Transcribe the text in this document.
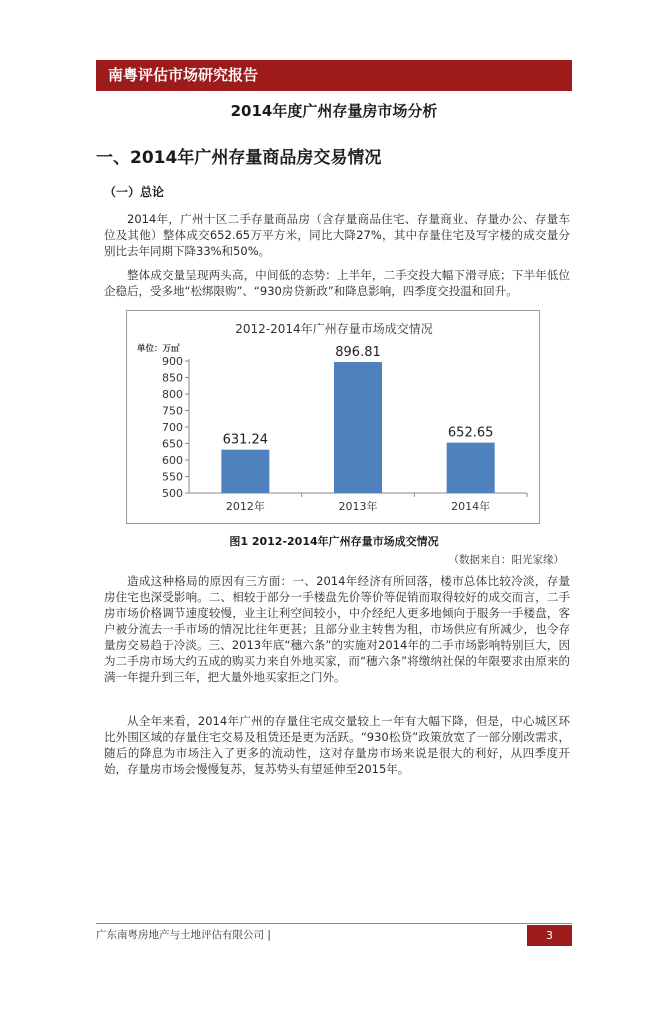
南粤评估市场研究报告
2014年度广州存量房市场分析
一、2014年广州存量商品房交易情况
（一）总论

2014年，广州十区二手存量商品房（含存量商品住宅、存量商业、存量办公、存量车位及其他）整体成交652.65万平方米，同比大降27%，其中存量住宅及写字楼的成交量分别比去年同期下降33%和50%。

整体成交量呈现两头高，中间低的态势：上半年，二手交投大幅下滑寻底；下半年低位企稳后，受多地“松绑限购”、“930房贷新政”和降息影响，四季度交投温和回升。

2012-2014年广州存量市场成交情况
单位：万㎡
500
550
600
650
700
750
800
850
900
2012年	2013年	2014年
631.24
896.81
652.65
图1 2012-2014年广州存量市场成交情况
（数据来自：阳光家缘）

造成这种格局的原因有三方面：一、2014年经济有所回落，楼市总体比较冷淡，存量房住宅也深受影响。二、相较于部分一手楼盘先价等价等促销而取得较好的成交而言，二手房市场价格调节速度较慢，业主让利空间较小，中介经纪人更多地倾向于服务一手楼盘，客户被分流去一手市场的情况比往年更甚；且部分业主转售为租，市场供应有所减少，也令存量房交易趋于冷淡。三、2013年底“穗六条”的实施对2014年的二手市场影响特别巨大，因为二手房市场大约五成的购买力来自外地买家，而“穗六条”将缴纳社保的年限要求由原来的满一年提升到三年，把大量外地买家拒之门外。

从全年来看，2014年广州的存量住宅成交量较上一年有大幅下降，但是，中心城区环比外围区域的存量住宅交易及租赁还是更为活跃。“930松贷”政策放宽了一部分刚改需求，随后的降息为市场注入了更多的流动性，这对存量房市场来说是很大的利好，从四季度开始，存量房市场会慢慢复苏，复苏势头有望延伸至2015年。

广东南粤房地产与土地评估有限公司 |	3
